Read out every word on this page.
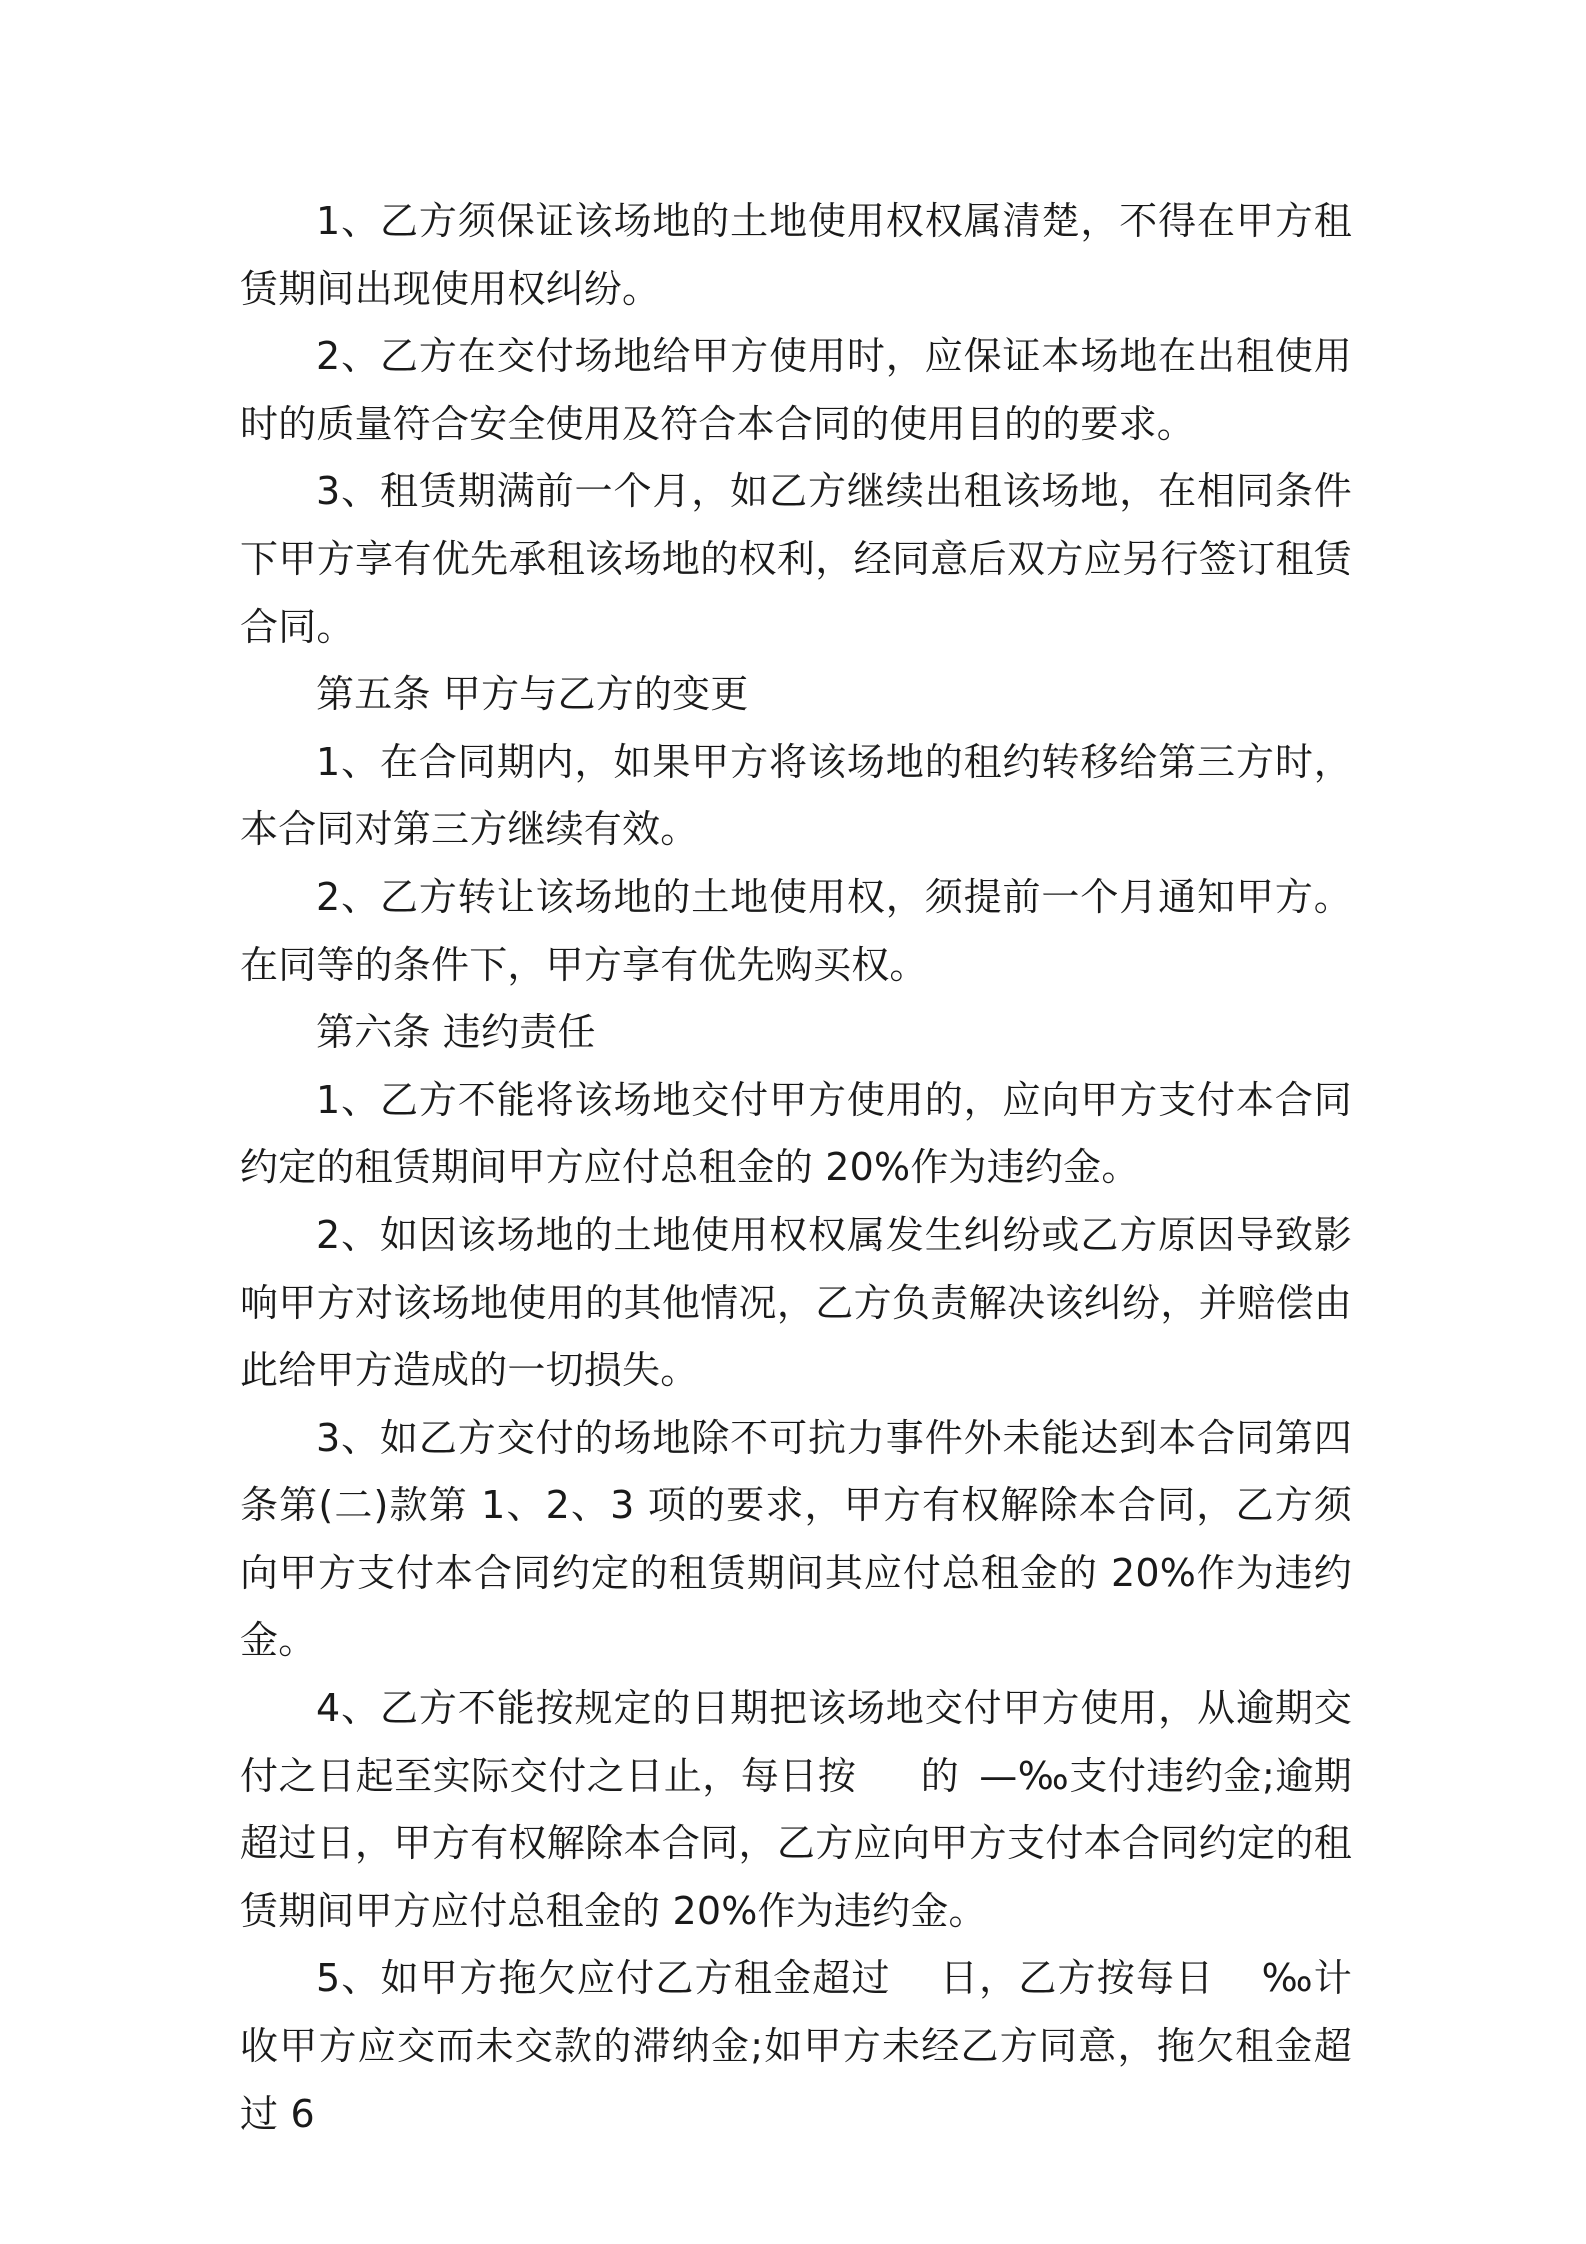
1、乙方须保证该场地的土地使用权权属清楚，不得在甲方租赁期间出现使用权纠纷。

2、乙方在交付场地给甲方使用时，应保证本场地在出租使用时的质量符合安全使用及符合本合同的使用目的的要求。

3、租赁期满前一个月，如乙方继续出租该场地，在相同条件下甲方享有优先承租该场地的权利，经同意后双方应另行签订租赁合同。

第五条 甲方与乙方的变更

1、在合同期内，如果甲方将该场地的租约转移给第三方时，本合同对第三方继续有效。

2、乙方转让该场地的土地使用权，须提前一个月通知甲方。在同等的条件下，甲方享有优先购买权。

第六条 违约责任

1、乙方不能将该场地交付甲方使用的，应向甲方支付本合同约定的租赁期间甲方应付总租金的 20%作为违约金。

2、如因该场地的土地使用权权属发生纠纷或乙方原因导致影响甲方对该场地使用的其他情况，乙方负责解决该纠纷，并赔偿由此给甲方造成的一切损失。

3、如乙方交付的场地除不可抗力事件外未能达到本合同第四条第(二)款第 1、2、3 项的要求，甲方有权解除本合同，乙方须向甲方支付本合同约定的租赁期间其应付总租金的 20%作为违约金。

4、乙方不能按规定的日期把该场地交付甲方使用，从逾期交付之日起至实际交付之日止，每日按 的 —‰支付违约金;逾期超过日，甲方有权解除本合同，乙方应向甲方支付本合同约定的租赁期间甲方应付总租金的 20%作为违约金。

5、如甲方拖欠应付乙方租金超过 日，乙方按每日 ‰计收甲方应交而未交款的滞纳金;如甲方未经乙方同意，拖欠租金超过 6
